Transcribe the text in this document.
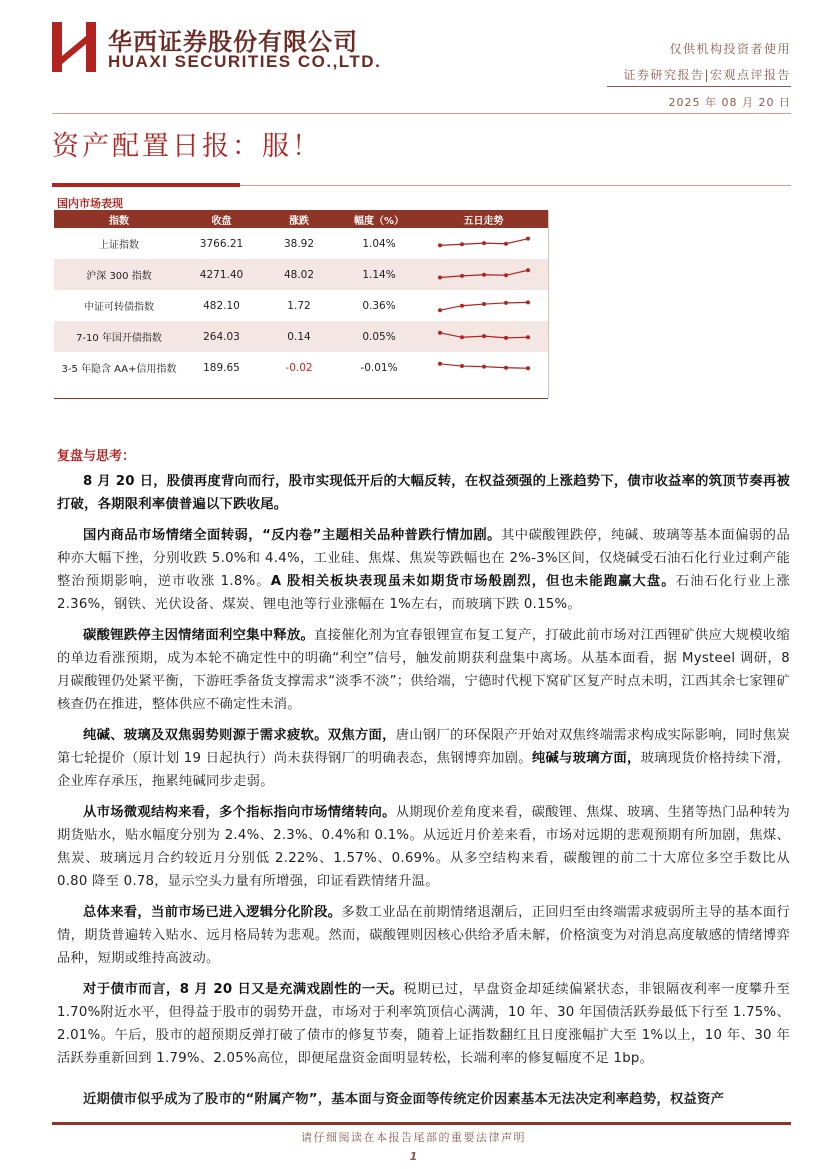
华西证券股份有限公司
HUAXI SECURITIES CO.,LTD.
仅供机构投资者使用
证券研究报告|宏观点评报告
2025 年 08 月 20 日
资产配置日报：服！
国内市场表现
指数	收盘	涨跌	幅度（%）	五日走势
上证指数	3766.21	38.92	1.04%	

沪深 300 指数	4271.40	48.02	1.14%	

中证可转债指数	482.10	1.72	0.36%	

7-10 年国开债指数	264.03	0.14	0.05%	

3-5 年隐含 AA+信用指数	189.65	-0.02	-0.01%	
复盘与思考：

8 月 20 日，股债再度背向而行，股市实现低开后的大幅反转，在权益颈强的上涨趋势下，债市收益率的筑顶节奏再被打破，各期限利率债普遍以下跌收尾。

国内商品市场情绪全面转弱，“反内卷”主题相关品种普跌行情加剧。其中碳酸锂跌停，纯碱、玻璃等基本面偏弱的品种亦大幅下挫，分别收跌 5.0%和 4.4%，工业硅、焦煤、焦炭等跌幅也在 2%-3%区间，仅烧碱受石油石化行业过剩产能整治预期影响，逆市收涨 1.8%。A 股相关板块表现虽未如期货市场般剧烈，但也未能跑赢大盘。石油石化行业上涨 2.36%，钢铁、光伏设备、煤炭、锂电池等行业涨幅在 1%左右，而玻璃下跌 0.15%。

碳酸锂跌停主因情绪面利空集中释放。直接催化剂为宜春银锂宣布复工复产，打破此前市场对江西锂矿供应大规模收缩的单边看涨预期，成为本轮不确定性中的明确“利空”信号，触发前期获利盘集中离场。从基本面看，据 Mysteel 调研，8 月碳酸锂仍处紧平衡，下游旺季备货支撑需求“淡季不淡”；供给端，宁德时代枧下窝矿区复产时点未明，江西其余七家锂矿核查仍在推进，整体供应不确定性未消。

纯碱、玻璃及双焦弱势则源于需求疲软。双焦方面，唐山钢厂的环保限产开始对双焦终端需求构成实际影响，同时焦炭第七轮提价（原计划 19 日起执行）尚未获得钢厂的明确表态，焦钢博弈加剧。纯碱与玻璃方面，玻璃现货价格持续下滑，企业库存承压，拖累纯碱同步走弱。

从市场微观结构来看，多个指标指向市场情绪转向。从期现价差角度来看，碳酸锂、焦煤、玻璃、生猪等热门品种转为期货贴水，贴水幅度分别为 2.4%、2.3%、0.4%和 0.1%。从远近月价差来看，市场对远期的悲观预期有所加剧，焦煤、焦炭、玻璃远月合约较近月分别低 2.22%、1.57%、0.69%。从多空结构来看，碳酸锂的前二十大席位多空手数比从 0.80 降至 0.78，显示空头力量有所增强，印证看跌情绪升温。

总体来看，当前市场已进入逻辑分化阶段。多数工业品在前期情绪退潮后，正回归至由终端需求疲弱所主导的基本面行情，期货普遍转入贴水、远月格局转为悲观。然而，碳酸锂则因核心供给矛盾未解，价格演变为对消息高度敏感的情绪博弈品种，短期或维持高波动。

对于债市而言，8 月 20 日又是充满戏剧性的一天。税期已过，早盘资金却延续偏紧状态，非银隔夜利率一度攀升至 1.70%附近水平，但得益于股市的弱势开盘，市场对于利率筑顶信心满满，10 年、30 年国债活跃券最低下行至 1.75%、2.01%。午后，股市的超预期反弹打破了债市的修复节奏，随着上证指数翻红且日度涨幅扩大至 1%以上，10 年、30 年活跃券重新回到 1.79%、2.05%高位，即便尾盘资金面明显转松，长端利率的修复幅度不足 1bp。

近期债市似乎成为了股市的“附属产物”，基本面与资金面等传统定价因素基本无法决定利率趋势，权益资产
请仔细阅读在本报告尾部的重要法律声明
1
